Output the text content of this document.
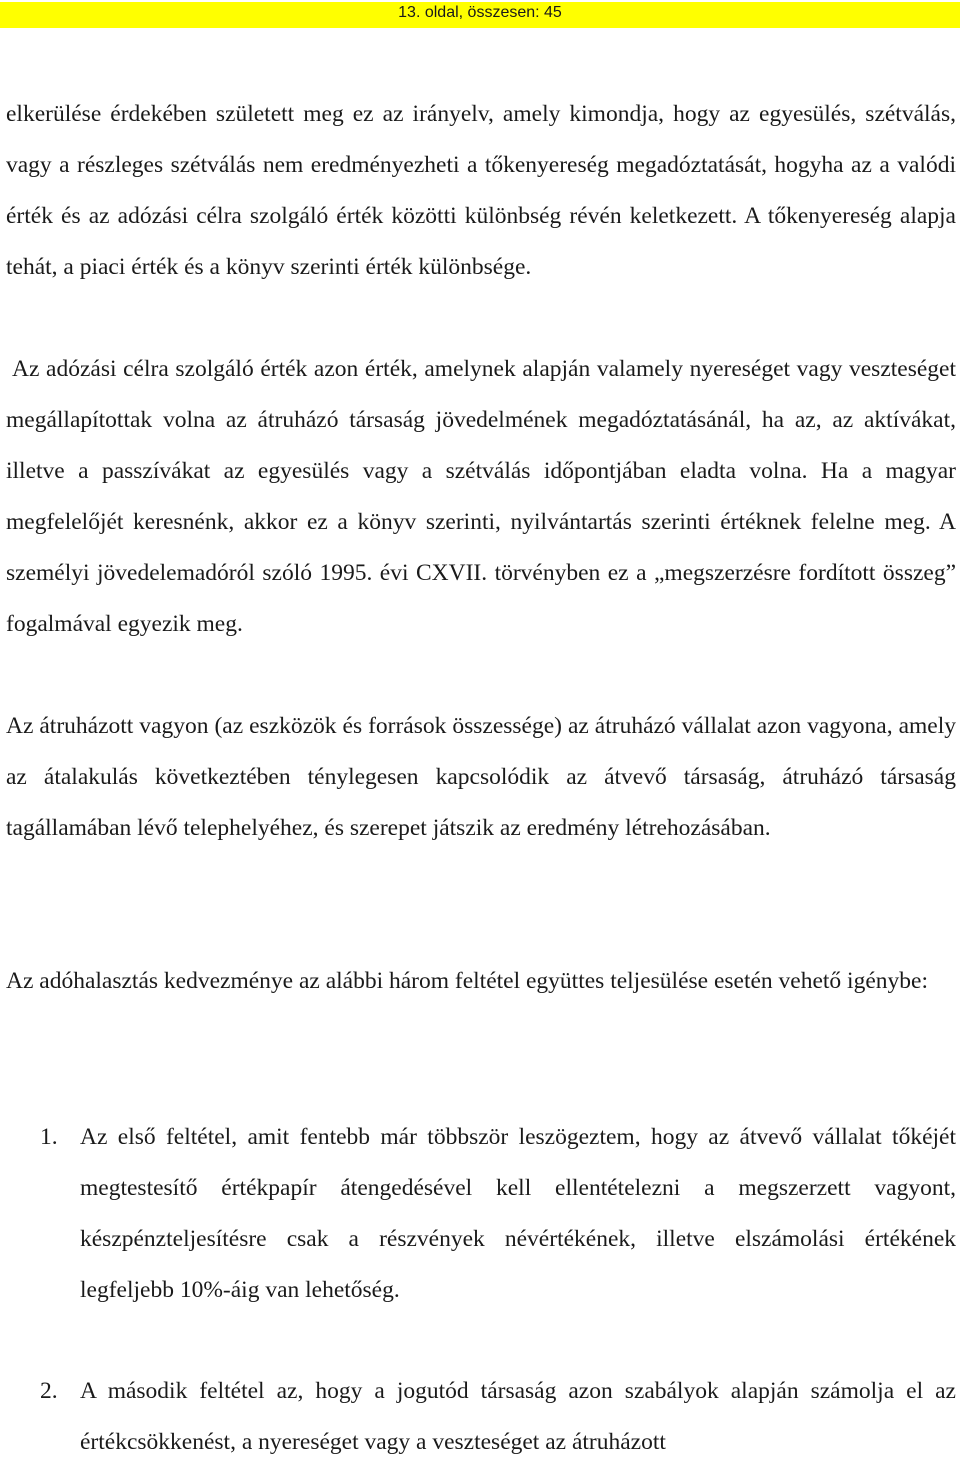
13. oldal, összesen: 45

elkerülése érdekében született meg ez az irányelv, amely kimondja, hogy az egyesülés, szétválás, vagy a részleges szétválás nem eredményezheti a tőkenyereség megadóztatását, hogyha az a valódi érték és az adózási célra szolgáló érték közötti különbség révén keletkezett. A tőkenyereség alapja tehát, a piaci érték és a könyv szerinti érték különbsége.

Az adózási célra szolgáló érték azon érték, amelynek alapján valamely nyereséget vagy veszteséget megállapítottak volna az átruházó társaság jövedelmének megadóztatásánál, ha az, az aktívákat, illetve a passzívákat az egyesülés vagy a szétválás időpontjában eladta volna. Ha a magyar megfelelőjét keresnénk, akkor ez a könyv szerinti, nyilvántartás szerinti értéknek felelne meg. A személyi jövedelemadóról szóló 1995. évi CXVII. törvényben ez a „megszerzésre fordított összeg” fogalmával egyezik meg.

Az átruházott vagyon (az eszközök és források összessége) az átruházó vállalat azon vagyona, amely az átalakulás következtében ténylegesen kapcsolódik az átvevő társaság, átruházó társaság tagállamában lévő telephelyéhez, és szerepet játszik az eredmény létrehozásában.

Az adóhalasztás kedvezménye az alábbi három feltétel együttes teljesülése esetén vehető igénybe:

1. Az első feltétel, amit fentebb már többször leszögeztem, hogy az átvevő vállalat tőkéjét megtestesítő értékpapír átengedésével kell ellentételezni a megszerzett vagyont, készpénzteljesítésre csak a részvények névértékének, illetve elszámolási értékének legfeljebb 10%-áig van lehetőség.

2. A második feltétel az, hogy a jogutód társaság azon szabályok alapján számolja el az értékcsökkenést, a nyereséget vagy a veszteséget az átruházott
